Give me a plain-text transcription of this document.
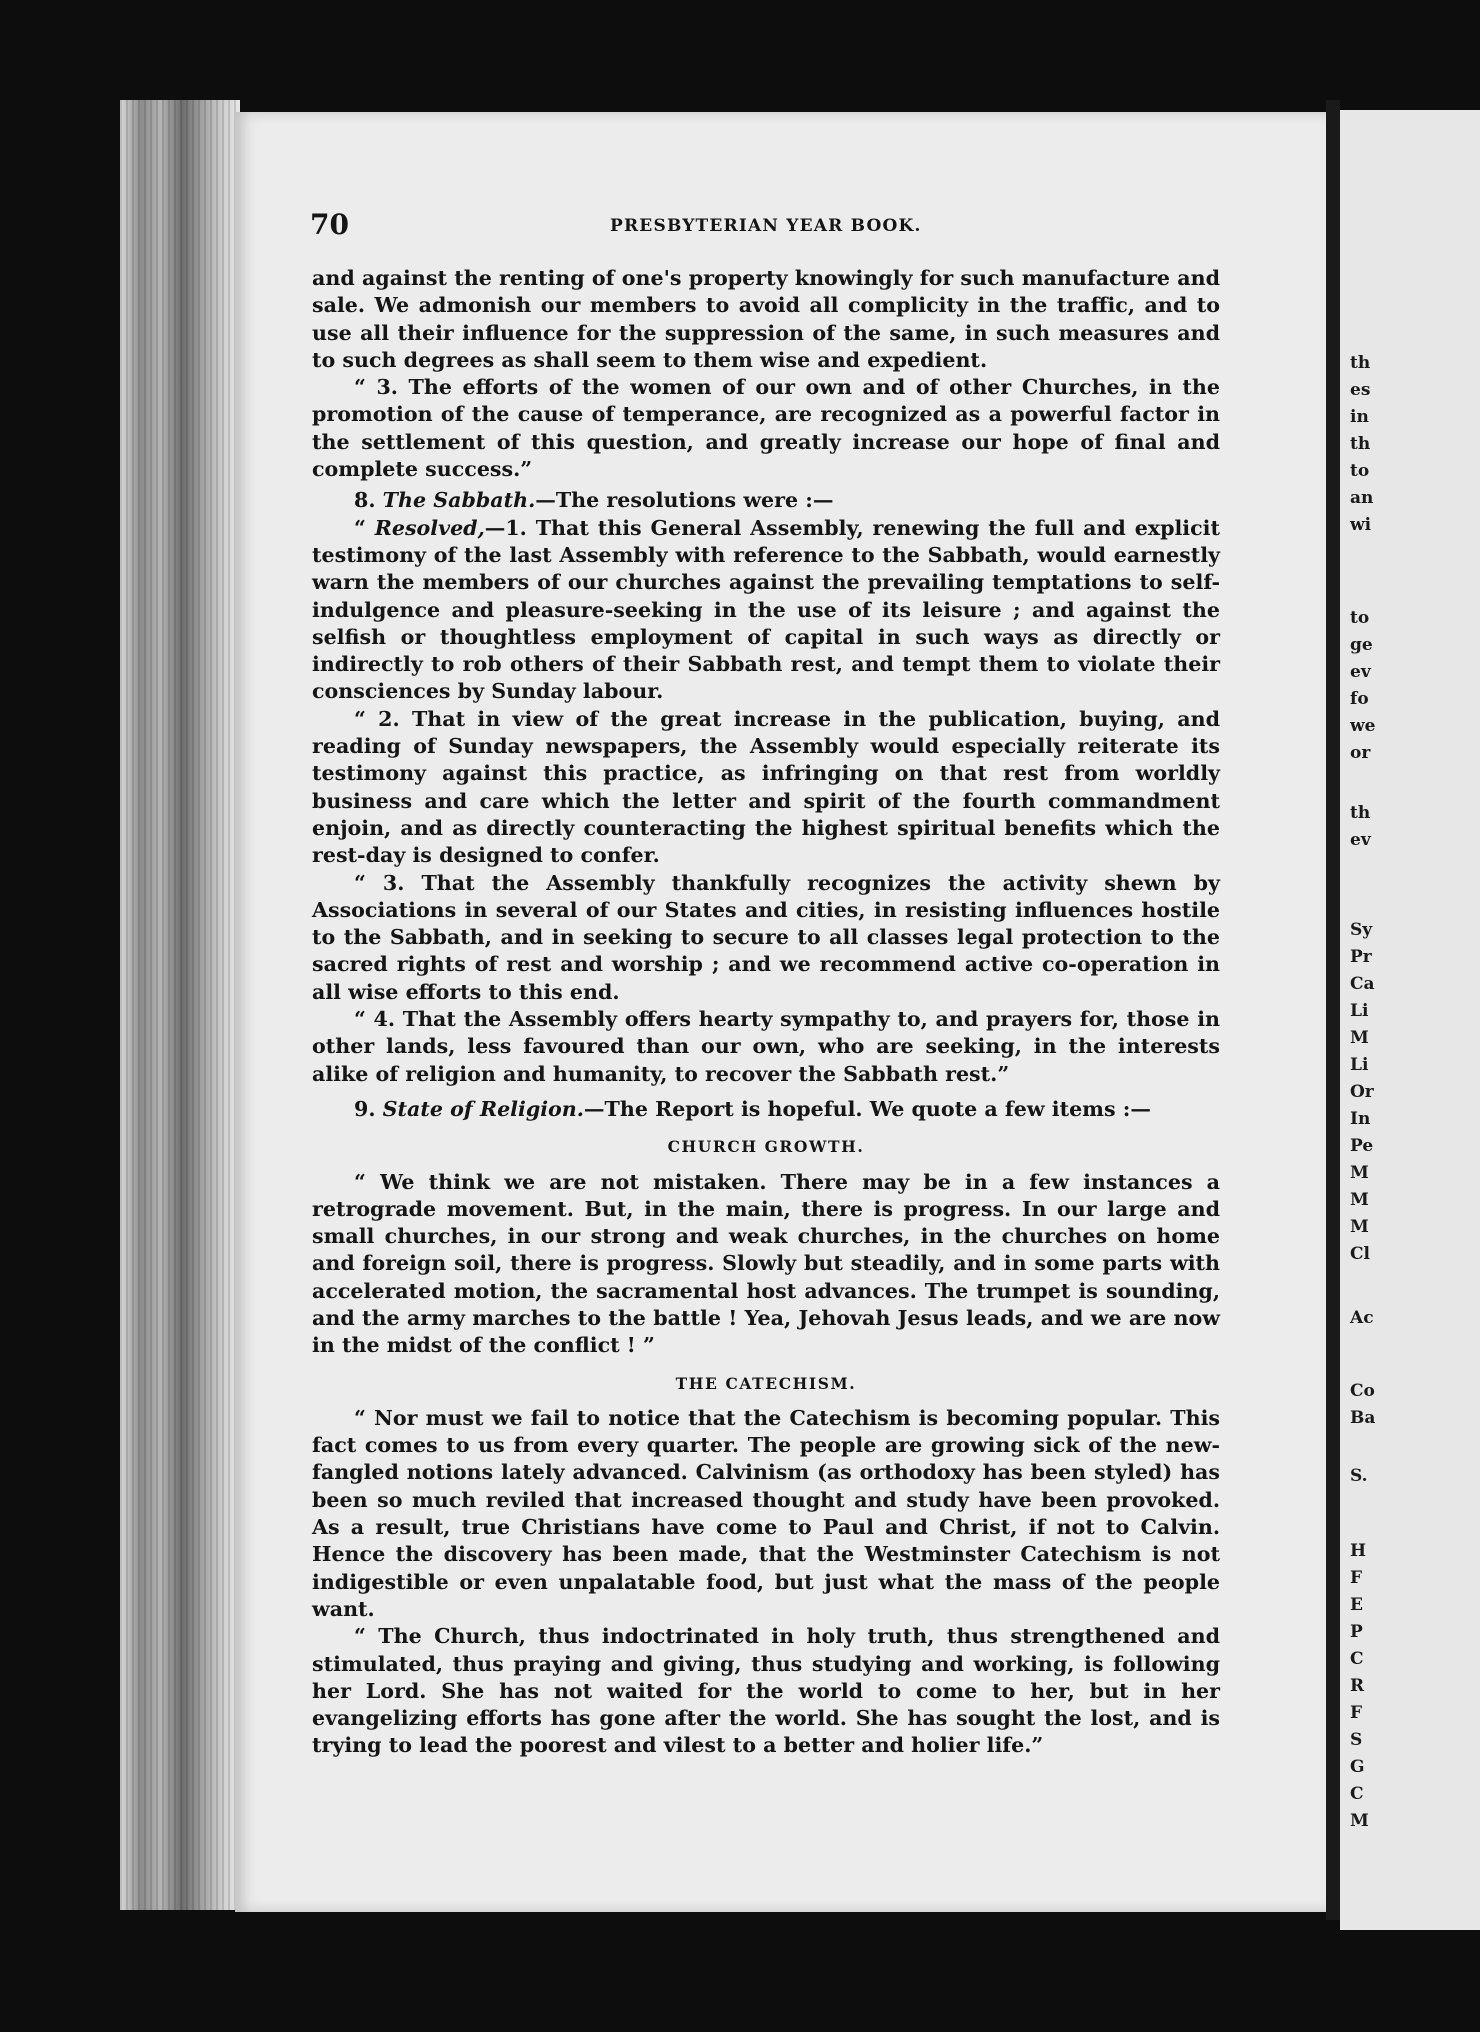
th
es
in
th
to
an
wi
to
ge
ev
fo
we
or
th
ev
Sy
Pr
Ca
Li
M
Li
Or
In
Pe
M
M
M
Cl
Ac
Co
Ba
S.
H
F
E
P
C
R
F
S
G
C
M
70	PRESBYTERIAN YEAR BOOK.

and against the renting of one's property knowingly for such manufacture and sale. We admonish our members to avoid all complicity in the traffic, and to use all their influence for the suppression of the same, in such measures and to such degrees as shall seem to them wise and expedient.

“ 3. The efforts of the women of our own and of other Churches, in the promotion of the cause of temperance, are recognized as a powerful factor in the settlement of this question, and greatly increase our hope of final and complete success.”

8. The Sabbath.—The resolutions were :—

“ Resolved,—1. That this General Assembly, renewing the full and explicit testimony of the last Assembly with reference to the Sabbath, would earnestly warn the members of our churches against the prevailing temptations to self-indulgence and pleasure-seeking in the use of its leisure ; and against the selfish or thoughtless employment of capital in such ways as directly or indirectly to rob others of their Sabbath rest, and tempt them to violate their consciences by Sunday labour.

“ 2. That in view of the great increase in the publication, buying, and reading of Sunday newspapers, the Assembly would especially reiterate its testimony against this practice, as infringing on that rest from worldly business and care which the letter and spirit of the fourth commandment enjoin, and as directly counteracting the highest spiritual benefits which the rest-day is designed to confer.

“ 3. That the Assembly thankfully recognizes the activity shewn by Associations in several of our States and cities, in resisting influences hostile to the Sabbath, and in seeking to secure to all classes legal protection to the sacred rights of rest and worship ; and we recommend active co-operation in all wise efforts to this end.

“ 4. That the Assembly offers hearty sympathy to, and prayers for, those in other lands, less favoured than our own, who are seeking, in the interests alike of religion and humanity, to recover the Sabbath rest.”

9. State of Religion.—The Report is hopeful. We quote a few items :—

CHURCH GROWTH.

“ We think we are not mistaken. There may be in a few instances a retrograde movement. But, in the main, there is progress. In our large and small churches, in our strong and weak churches, in the churches on home and foreign soil, there is progress. Slowly but steadily, and in some parts with accelerated motion, the sacramental host advances. The trumpet is sounding, and the army marches to the battle ! Yea, Jehovah Jesus leads, and we are now in the midst of the conflict ! ”

THE CATECHISM.

“ Nor must we fail to notice that the Catechism is becoming popular. This fact comes to us from every quarter. The people are growing sick of the new-fangled notions lately advanced. Calvinism (as orthodoxy has been styled) has been so much reviled that increased thought and study have been provoked. As a result, true Christians have come to Paul and Christ, if not to Calvin. Hence the discovery has been made, that the Westminster Catechism is not indigestible or even unpalatable food, but just what the mass of the people want.

“ The Church, thus indoctrinated in holy truth, thus strengthened and stimulated, thus praying and giving, thus studying and working, is following her Lord. She has not waited for the world to come to her, but in her evangelizing efforts has gone after the world. She has sought the lost, and is trying to lead the poorest and vilest to a better and holier life.”
